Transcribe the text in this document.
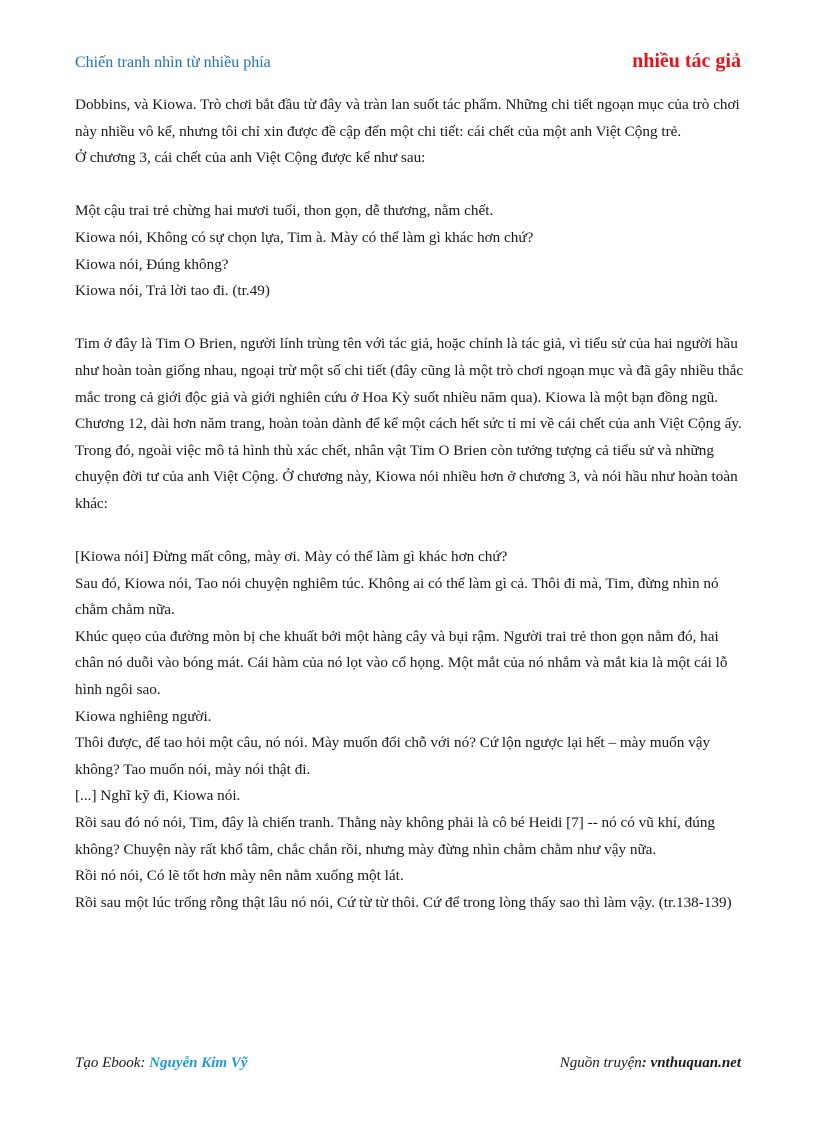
Chiến tranh nhìn từ nhiều phía	nhiều tác giả

Dobbins, và Kiowa. Trò chơi bắt đầu từ đây và tràn lan suốt tác phẩm. Những chi tiết ngoạn mục của trò chơi này nhiều vô kể, nhưng tôi chỉ xin được đề cập đến một chi tiết: cái chết của một anh Việt Cộng trẻ.

Ở chương 3, cái chết của anh Việt Cộng được kể như sau:

Một cậu trai trẻ chừng hai mươi tuổi, thon gọn, dễ thương, nằm chết.

Kiowa nói, Không có sự chọn lựa, Tim à. Mày có thể làm gì khác hơn chứ?

Kiowa nói, Đúng không?

Kiowa nói, Trả lời tao đi. (tr.49)

Tim ở đây là Tim O Brien, người lính trùng tên với tác giả, hoặc chính là tác giả, vì tiểu sử của hai người hầu như hoàn toàn giống nhau, ngoại trừ một số chi tiết (đây cũng là một trò chơi ngoạn mục và đã gây nhiều thắc mắc trong cả giới độc giả và giới nghiên cứu ở Hoa Kỳ suốt nhiều năm qua). Kiowa là một bạn đồng ngũ.

Chương 12, dài hơn năm trang, hoàn toàn dành để kể một cách hết sức tỉ mỉ về cái chết của anh Việt Cộng ấy. Trong đó, ngoài việc mô tả hình thù xác chết, nhân vật Tim O Brien còn tưởng tượng cả tiểu sử và những chuyện đời tư của anh Việt Cộng. Ở chương này, Kiowa nói nhiều hơn ở chương 3, và nói hầu như hoàn toàn khác:

[Kiowa nói] Đừng mất công, mày ơi. Mày có thể làm gì khác hơn chứ?

Sau đó, Kiowa nói, Tao nói chuyện nghiêm túc. Không ai có thể làm gì cả. Thôi đi mà, Tim, đừng nhìn nó chằm chằm nữa.

Khúc quẹo của đường mòn bị che khuất bởi một hàng cây và bụi rậm. Người trai trẻ thon gọn nằm đó, hai chân nó duỗi vào bóng mát. Cái hàm của nó lọt vào cổ họng. Một mắt của nó nhắm và mắt kia là một cái lỗ hình ngôi sao.

Kiowa nghiêng người.

Thôi được, để tao hỏi một câu, nó nói. Mày muốn đổi chỗ với nó? Cứ lộn ngược lại hết – mày muốn vậy không? Tao muốn nói, mày nói thật đi.

[...] Nghĩ kỹ đi, Kiowa nói.

Rồi sau đó nó nói, Tim, đây là chiến tranh. Thằng này không phải là cô bé Heidi [7] -- nó có vũ khí, đúng không? Chuyện này rất khổ tâm, chắc chắn rồi, nhưng mày đừng nhìn chằm chằm như vậy nữa.

Rồi nó nói, Có lẽ tốt hơn mày nên nằm xuống một lát.

Rồi sau một lúc trống rỗng thật lâu nó nói, Cứ từ từ thôi. Cứ để trong lòng thấy sao thì làm vậy. (tr.138-139)

Tạo Ebook: Nguyễn Kim Vỹ	Nguồn truyện: vnthuquan.net
